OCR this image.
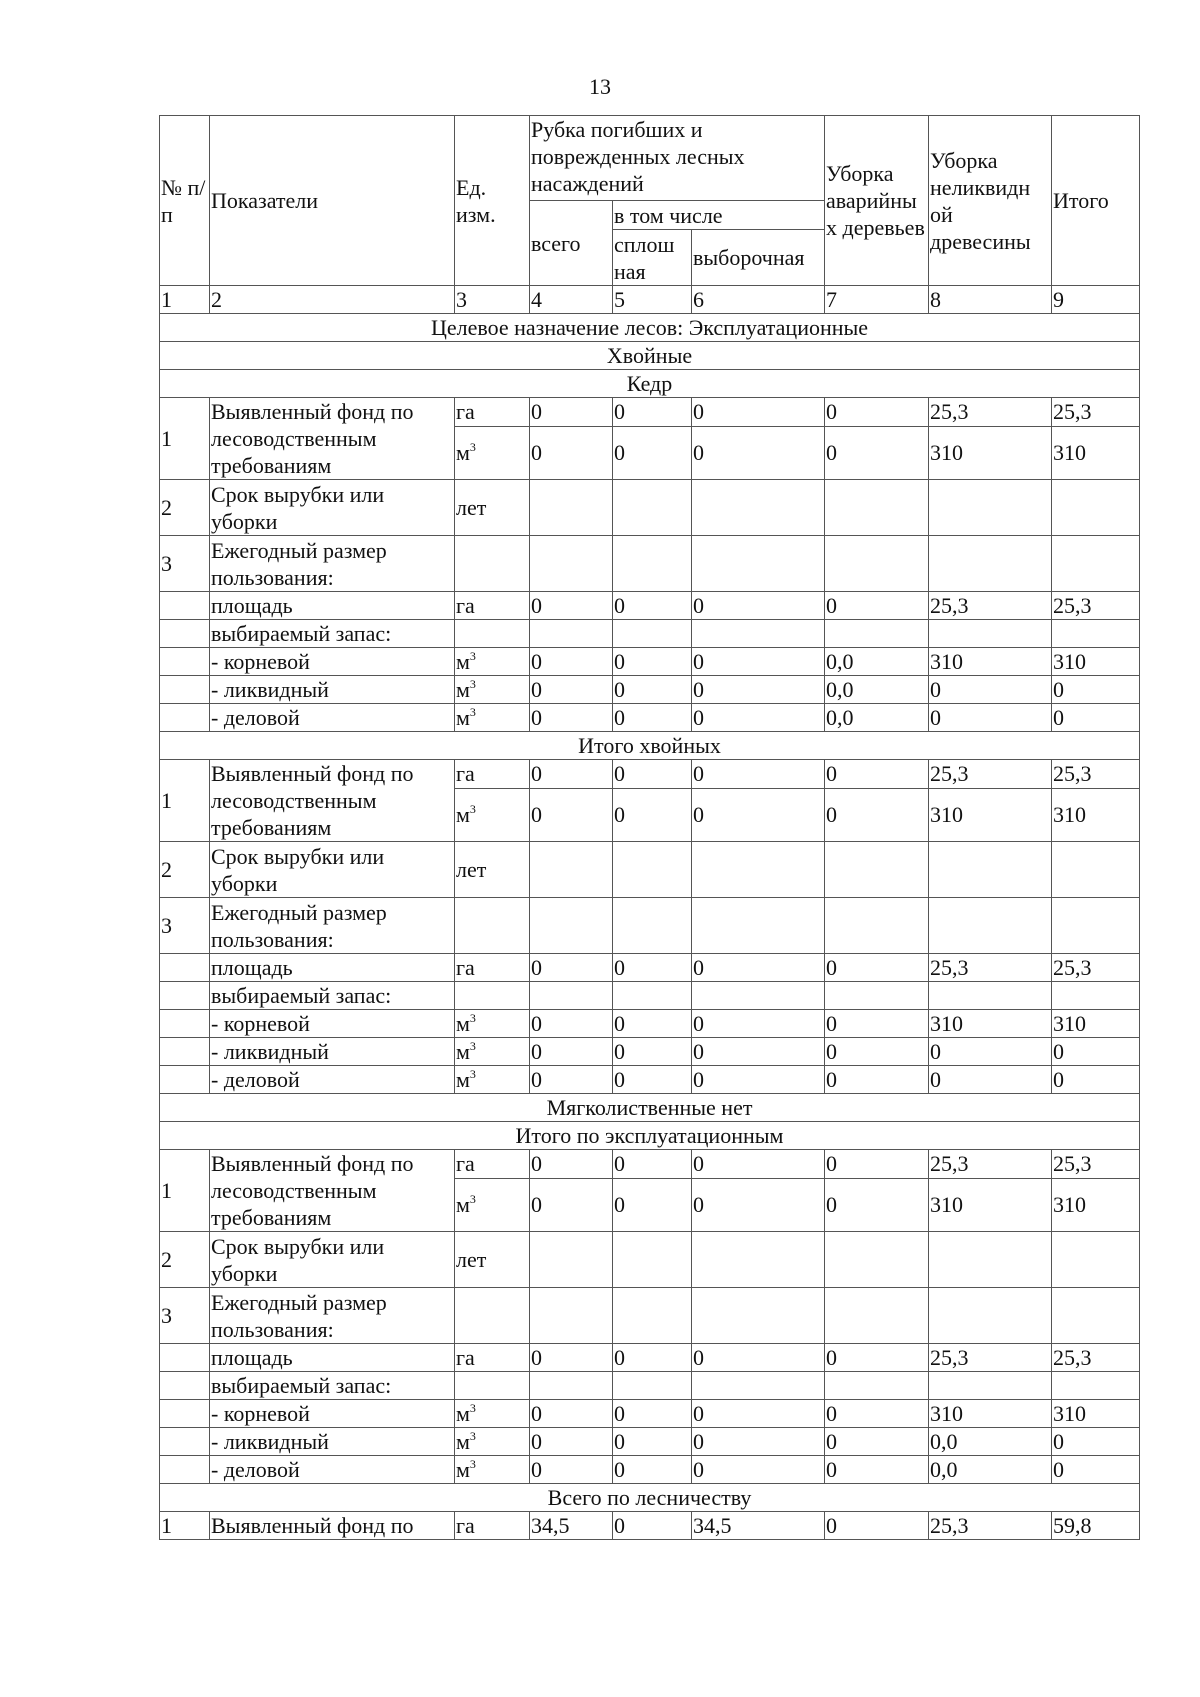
13
№ п/п	Показатели	Ед. изм.	Рубка погибших и поврежденных лесных насаждений			Уборка аварийны х деревьев	Уборка неликвидн ой древесины	Итого
			всего	в том числе				
				сплош ная	выборочная			
1	2	3	4	5	6	7	8	9
Целевое назначение лесов: Эксплуатационные								
Хвойные								
Кедр								
1	Выявленный фонд по лесоводственным требованиям	га	0	0	0	0	25,3	25,3
		$м^3$	0	0	0	0	310	310
2	Срок вырубки или уборки	лет						
3	Ежегодный размер пользования:							
	площадь	га	0	0	0	0	25,3	25,3
	выбираемый запас:							
	- корневой	$м^3$	0	0	0	0,0	310	310
	- ликвидный	$м^3$	0	0	0	0,0	0	0
	- деловой	$м^3$	0	0	0	0,0	0	0
Итого хвойных								
1	Выявленный фонд по лесоводственным требованиям	га	0	0	0	0	25,3	25,3
		$м^3$	0	0	0	0	310	310
2	Срок вырубки или уборки	лет						
3	Ежегодный размер пользования:							
	площадь	га	0	0	0	0	25,3	25,3
	выбираемый запас:							
	- корневой	$м^3$	0	0	0	0	310	310
	- ликвидный	$м^3$	0	0	0	0	0	0
	- деловой	$м^3$	0	0	0	0	0	0
Мягколиственные нет								
Итого по эксплуатационным								
1	Выявленный фонд по лесоводственным требованиям	га	0	0	0	0	25,3	25,3
		$м^3$	0	0	0	0	310	310
2	Срок вырубки или уборки	лет						
3	Ежегодный размер пользования:							
	площадь	га	0	0	0	0	25,3	25,3
	выбираемый запас:							
	- корневой	$м^3$	0	0	0	0	310	310
	- ликвидный	$м^3$	0	0	0	0	0,0	0
	- деловой	$м^3$	0	0	0	0	0,0	0
Всего по лесничеству								
1	Выявленный фонд по	га	34,5	0	34,5	0	25,3	59,8
